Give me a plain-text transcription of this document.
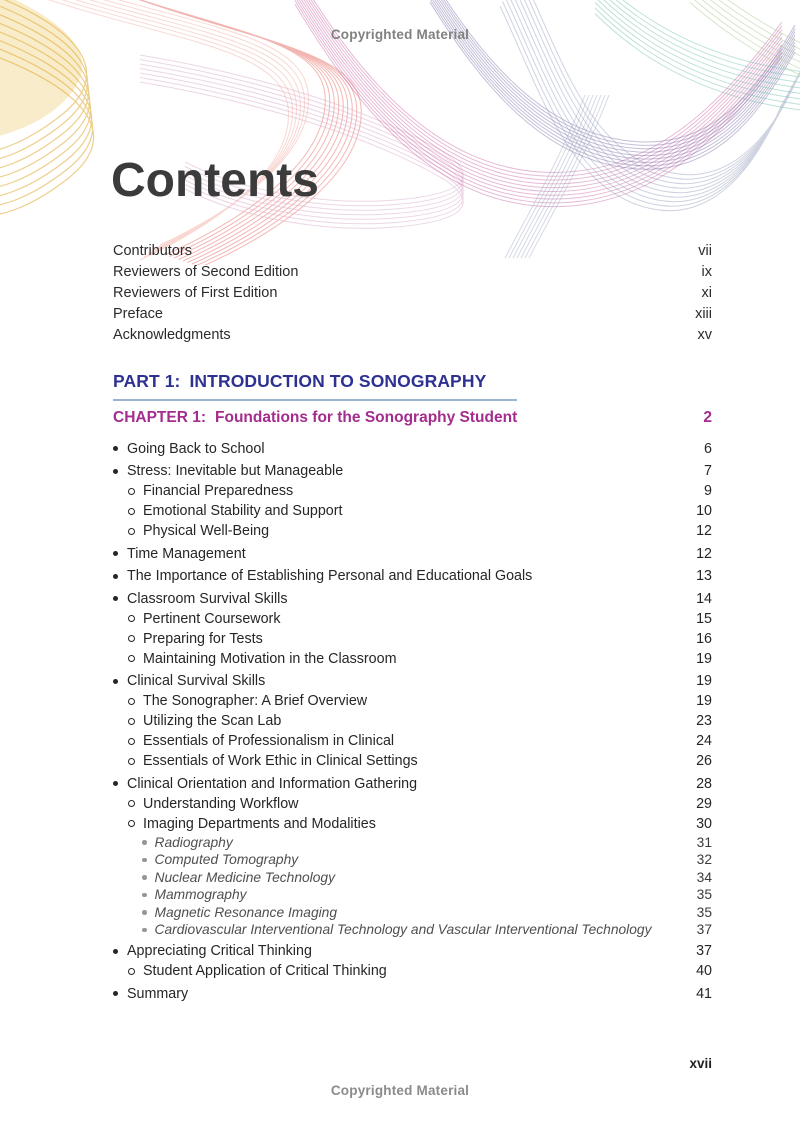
Copyrighted Material
Contents
Contributors	vii
Reviewers of Second Edition	ix
Reviewers of First Edition	xi
Preface	xiii
Acknowledgments	xv
PART 1: INTRODUCTION TO SONOGRAPHY
CHAPTER 1: Foundations for the Sonography Student	2
Going Back to School	6
Stress: Inevitable but Manageable	7
Financial Preparedness	9
Emotional Stability and Support	10
Physical Well-Being	12
Time Management	12
The Importance of Establishing Personal and Educational Goals	13
Classroom Survival Skills	14
Pertinent Coursework	15
Preparing for Tests	16
Maintaining Motivation in the Classroom	19
Clinical Survival Skills	19
The Sonographer: A Brief Overview	19
Utilizing the Scan Lab	23
Essentials of Professionalism in Clinical	24
Essentials of Work Ethic in Clinical Settings	26
Clinical Orientation and Information Gathering	28
Understanding Workflow	29
Imaging Departments and Modalities	30
Radiography	31
Computed Tomography	32
Nuclear Medicine Technology	34
Mammography	35
Magnetic Resonance Imaging	35
Cardiovascular Interventional Technology and Vascular Interventional Technology	37
Appreciating Critical Thinking	37
Student Application of Critical Thinking	40
Summary	41
xvii
Copyrighted Material
